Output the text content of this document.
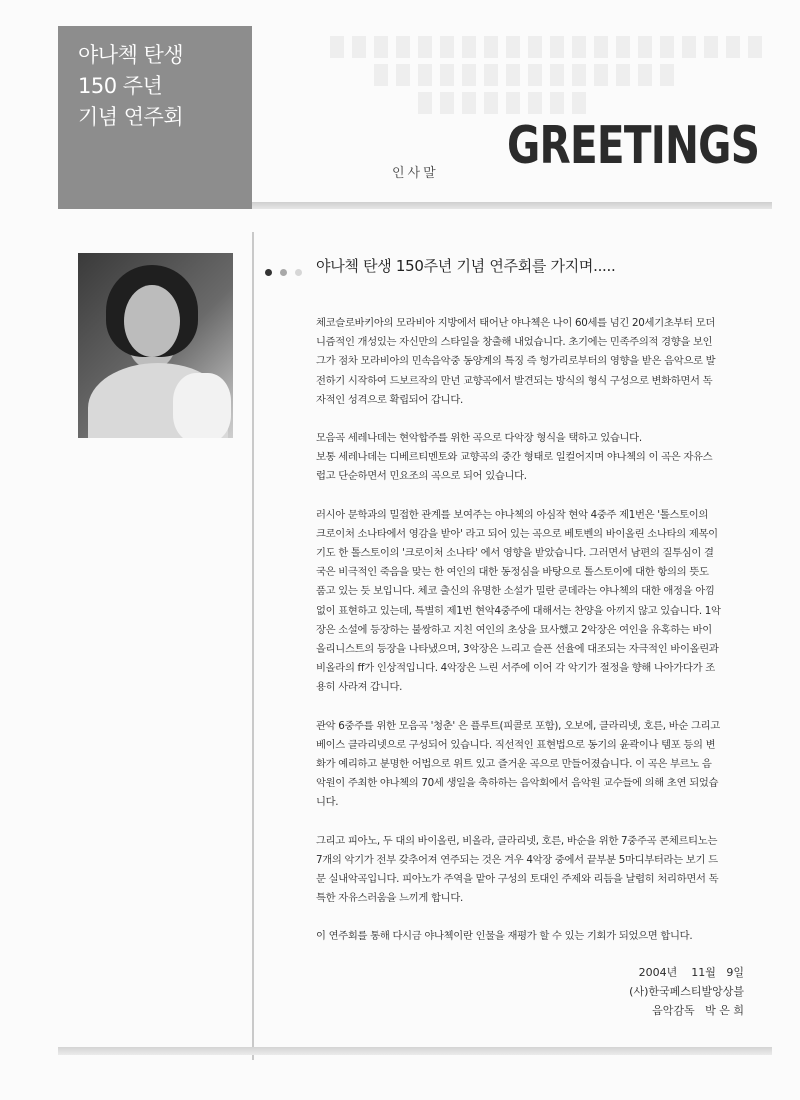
야나첵 탄생
150 주년
기념 연주회
인사말 GREETINGS
야나첵 탄생 150주년 기념 연주회를 가지며.....

체코슬로바키아의 모라비아 지방에서 태어난 야나첵은 나이 60세를 넘긴 20세기초부터 모더
니즘적인 개성있는 자신만의 스타일을 창출해 내었습니다. 초기에는 민족주의적 경향을 보인
그가 점차 모라비아의 민속음악중 동양계의 특징 즉 헝가리로부터의 영향을 받은 음악으로 발
전하기 시작하여 드보르작의 만년 교향곡에서 발견되는 방식의 형식 구성으로 변화하면서 독
자적인 성격으로 확립되어 갑니다.

모음곡 세레나데는 현악합주를 위한 곡으로 다악장 형식을 택하고 있습니다.
보통 세레나데는 디베르티멘토와 교향곡의 중간 형태로 일컬어지며 야나첵의 이 곡은 자유스
럽고 단순하면서 민요조의 곡으로 되어 있습니다.

러시아 문학과의 밀접한 관계를 보여주는 야나첵의 아심작 현악 4중주 제1번은 '톨스토이의
크로이처 소나타에서 영감을 받아' 라고 되어 있는 곡으로 베토벤의 바이올린 소나타의 제목이
기도 한 톨스토이의 '크로이처 소나타' 에서 영향을 받았습니다. 그러면서 남편의 질투심이 결
국은 비극적인 죽음을 맞는 한 여인의 대한 동정심을 바탕으로 톨스토이에 대한 항의의 뜻도
품고 있는 듯 보입니다. 체코 출신의 유명한 소설가 밀란 쿤데라는 야나첵의 대한 애정을 아낌
없이 표현하고 있는데, 특별히 제1번 현악4중주에 대해서는 찬양을 아끼지 않고 있습니다. 1악
장은 소설에 등장하는 불쌍하고 지친 여인의 초상을 묘사했고 2악장은 여인을 유혹하는 바이
올리니스트의 등장을 나타냈으며, 3악장은 느리고 슬픈 선율에 대조되는 자극적인 바이올린과
비올라의 ff가 인상적입니다. 4악장은 느린 서주에 이어 각 악기가 절정을 향해 나아가다가 조
용히 사라져 갑니다.

관악 6중주를 위한 모음곡 '청춘' 은 플루트(피콜로 포함), 오보에, 클라리넷, 호른, 바순 그리고
베이스 클라리넷으로 구성되어 있습니다. 직선적인 표현법으로 동기의 윤곽이나 템포 등의 변
화가 예리하고 분명한 어법으로 위트 있고 즐거운 곡으로 만들어졌습니다. 이 곡은 부르노 음
악원이 주최한 야나첵의 70세 생일을 축하하는 음악회에서 음악원 교수들에 의해 초연 되었습
니다.

그리고 피아노, 두 대의 바이올린, 비올라, 클라리넷, 호른, 바순을 위한 7중주곡 콘체르티노는
7개의 악기가 전부 갖추어져 연주되는 것은 겨우 4악장 중에서 끝부분 5마디부터라는 보기 드
문 실내악곡입니다. 피아노가 주역을 맡아 구성의 토대인 주제와 리듬을 날렵히 처리하면서 독
특한 자유스러움을 느끼게 합니다.

이 연주회를 통해 다시금 야나첵이란 인물을 재평가 할 수 있는 기회가 되었으면 합니다.

2004년    11월   9일
(사)한국페스티발앙상블
음악감독   박 은 희
